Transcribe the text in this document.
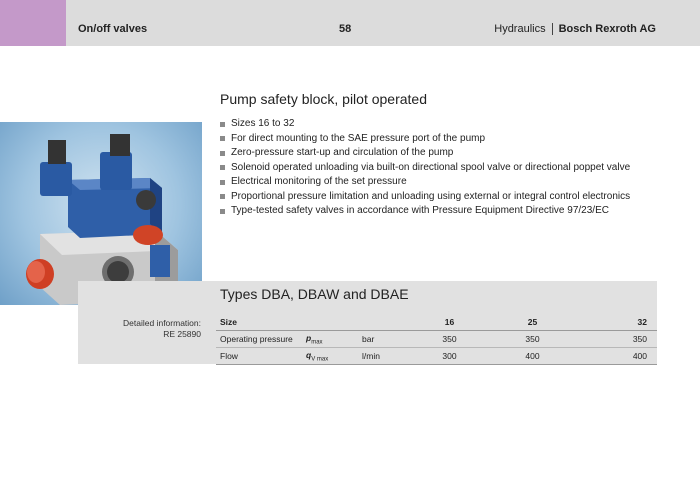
On/off valves	58	Hydraulics Bosch Rexroth AG
Pump safety block, pilot operated
Sizes 16 to 32
For direct mounting to the SAE pressure port of the pump
Zero-pressure start-up and circulation of the pump
Solenoid operated unloading via built-on directional spool valve or directional poppet valve
Electrical monitoring of the set pressure
Proportional pressure limitation and unloading using external or integral control electronics
Type-tested safety valves in accordance with Pressure Equipment Directive 97/23/EC
Types DBA, DBAW and DBAE
Detailed information:
RE 25890
Size			16	25	32
Operating pressure	$p_{max}$	bar	350	350	350
Flow	$q_{V max}$	l/min	300	400	400
